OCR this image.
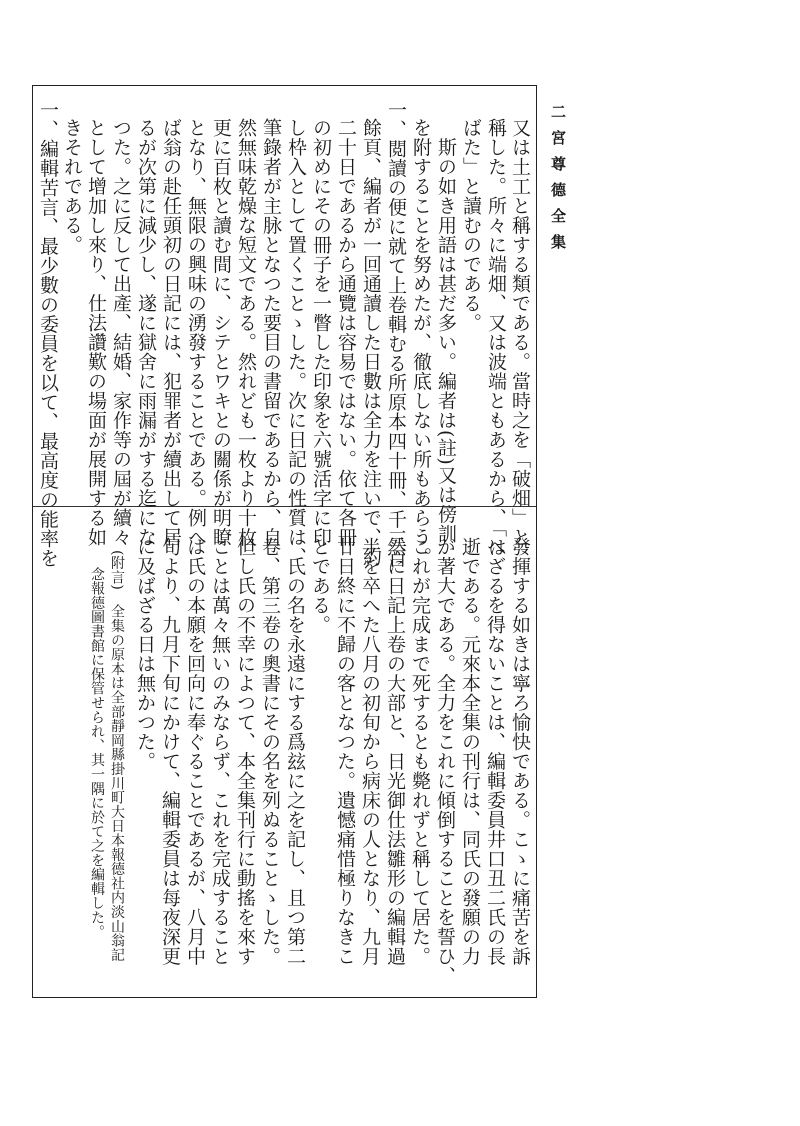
二宮尊德全集
又は土工と稱する類である。當時之を「破畑」と
稱した。所々に端畑、又は波端ともあるから、「は
ばた」と讀むのである。
　斯の如き用語は甚だ多い。編者は(註)又は傍訓
を附することを努めたが、徹底しない所もあらう。
一、閲讀の便に就て上卷輯むる所原本四十冊、千三百
餘頁、編者が一回通讀した日數は全力を注いで、約
二十日であるから通覽は容易ではない。依て各冊
の初めにその冊子を一瞥した印象を六號活字に印
し枠入として置くことゝした。次に日記の性質は、
筆錄者が主脉となつた要目の書留であるから、自
然無味乾燥な短文である。然れども一枚より十枚
更に百枚と讀む間に、シテとワキとの關係が明瞭
となり、無限の興味の湧發することである。例へ
ば翁の赴任頭初の日記には、犯罪者が續出して居
るが次第に減少し、遂に獄舍に雨漏がする迄にな
つた。之に反して出產、結婚、家作等の屆が續々
として增加し來り、仕法讚歎の場面が展開する如
きそれである。
一、編輯苦言、最少數の委員を以て、最高度の能率を
發揮する如きは寧ろ愉快である。こゝに痛苦を訴
へざるを得ないことは、編輯委員井口丑二氏の長
逝である。元來本全集の刊行は、同氏の發願の力
が著大である。全力をこれに傾倒することを誓ひ、
これが完成まで死するとも斃れずと稱して居た。
然に日記上卷の大部と、日光御仕法雛形の編輯過
半を卒へた八月の初旬から病床の人となり、九月
廿日終に不歸の客となつた。遺憾痛惜極りなきこ
とである。
　氏の名を永遠にする爲玆に之を記し、且つ第二
卷、第三卷の奧書にその名を列ぬることゝした。
但し氏の不幸によつて、本全集刊行に動搖を來す
ことは萬々無いのみならず、これを完成すること
は氏の本願を回向に奉ぐることであるが、八月中
旬より、九月下旬にかけて、編輯委員は每夜深更
に及ばざる日は無かつた。
(附言)　全集の原本は全部靜岡縣掛川町大日本報德社内淡山翁記
念報德圖書館に保管せられ、其一隅に於て之を編輯した。
